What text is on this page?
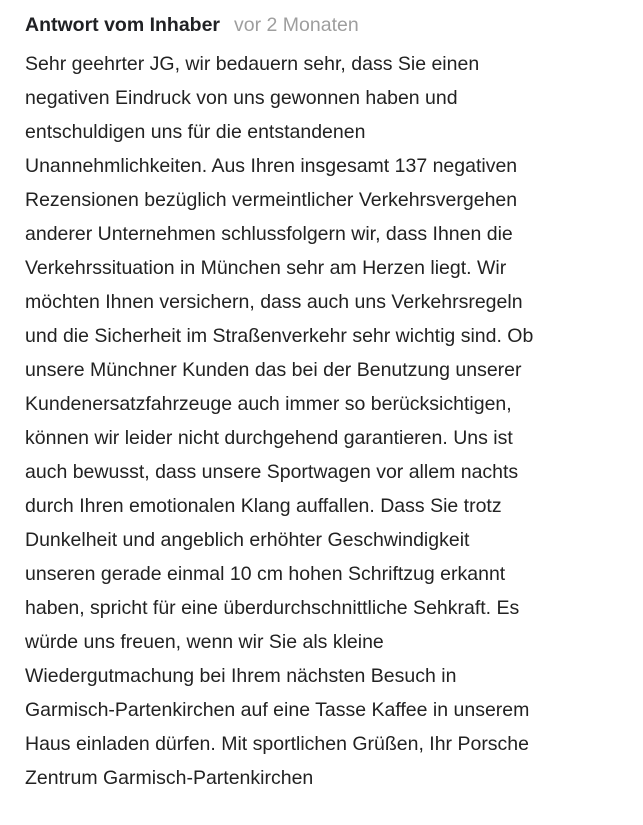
Antwort vom Inhaber vor 2 Monaten
Sehr geehrter JG, wir bedauern sehr, dass Sie einen
negativen Eindruck von uns gewonnen haben und
entschuldigen uns für die entstandenen
Unannehmlichkeiten. Aus Ihren insgesamt 137 negativen
Rezensionen bezüglich vermeintlicher Verkehrsvergehen
anderer Unternehmen schlussfolgern wir, dass Ihnen die
Verkehrssituation in München sehr am Herzen liegt. Wir
möchten Ihnen versichern, dass auch uns Verkehrsregeln
und die Sicherheit im Straßenverkehr sehr wichtig sind. Ob
unsere Münchner Kunden das bei der Benutzung unserer
Kundenersatzfahrzeuge auch immer so berücksichtigen,
können wir leider nicht durchgehend garantieren. Uns ist
auch bewusst, dass unsere Sportwagen vor allem nachts
durch Ihren emotionalen Klang auffallen. Dass Sie trotz
Dunkelheit und angeblich erhöhter Geschwindigkeit
unseren gerade einmal 10 cm hohen Schriftzug erkannt
haben, spricht für eine überdurchschnittliche Sehkraft. Es
würde uns freuen, wenn wir Sie als kleine
Wiedergutmachung bei Ihrem nächsten Besuch in
Garmisch-Partenkirchen auf eine Tasse Kaffee in unserem
Haus einladen dürfen. Mit sportlichen Grüßen, Ihr Porsche
Zentrum Garmisch-Partenkirchen
